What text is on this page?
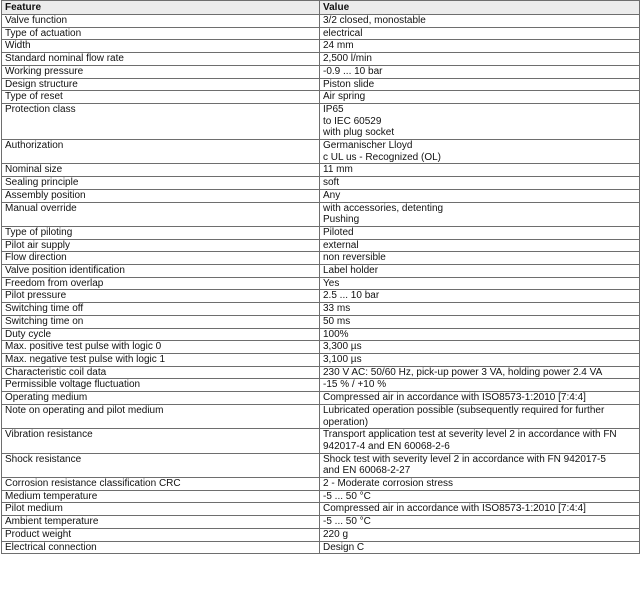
Feature	Value
Valve function	3/2 closed, monostable

Type of actuation	electrical

Width	24 mm

Standard nominal flow rate	2,500 l/min

Working pressure	-0.9 ... 10 bar

Design structure	Piston slide

Type of reset	Air spring

Protection class	IP65
to IEC 60529
with plug socket

Authorization	Germanischer Lloyd
c UL us - Recognized (OL)

Nominal size	11 mm

Sealing principle	soft

Assembly position	Any

Manual override	with accessories, detenting
Pushing

Type of piloting	Piloted

Pilot air supply	external

Flow direction	non reversible

Valve position identification	Label holder

Freedom from overlap	Yes

Pilot pressure	2.5 ... 10 bar

Switching time off	33 ms

Switching time on	50 ms

Duty cycle	100%

Max. positive test pulse with logic 0	3,300 µs

Max. negative test pulse with logic 1	3,100 µs

Characteristic coil data	230 V AC: 50/60 Hz, pick-up power 3 VA, holding power 2.4 VA

Permissible voltage fluctuation	-15 % / +10 %

Operating medium	Compressed air in accordance with ISO8573-1:2010 [7:4:4]

Note on operating and pilot medium	Lubricated operation possible (subsequently required for further
operation)

Vibration resistance	Transport application test at severity level 2 in accordance with FN
942017-4 and EN 60068-2-6

Shock resistance	Shock test with severity level 2 in accordance with FN 942017-5
and EN 60068-2-27

Corrosion resistance classification CRC	2 - Moderate corrosion stress

Medium temperature	-5 ... 50 °C

Pilot medium	Compressed air in accordance with ISO8573-1:2010 [7:4:4]

Ambient temperature	-5 ... 50 °C

Product weight	220 g

Electrical connection	Design C
